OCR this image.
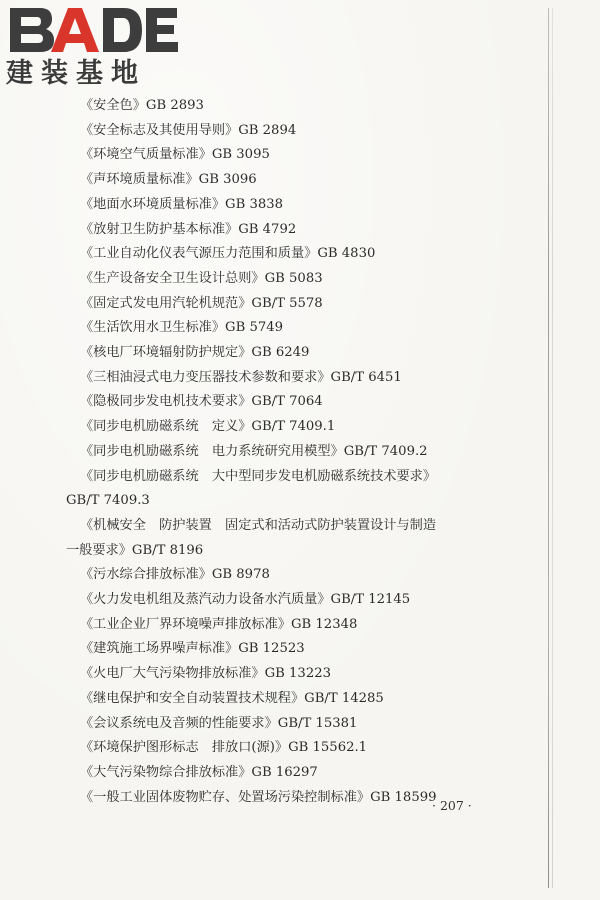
建装基地
《安全色》GB 2893
《安全标志及其使用导则》GB 2894
《环境空气质量标准》GB 3095
《声环境质量标准》GB 3096
《地面水环境质量标准》GB 3838
《放射卫生防护基本标准》GB 4792
《工业自动化仪表气源压力范围和质量》GB 4830
《生产设备安全卫生设计总则》GB 5083
《固定式发电用汽轮机规范》GB/T 5578
《生活饮用水卫生标准》GB 5749
《核电厂环境辐射防护规定》GB 6249
《三相油浸式电力变压器技术参数和要求》GB/T 6451
《隐极同步发电机技术要求》GB/T 7064
《同步电机励磁系统　定义》GB/T 7409.1
《同步电机励磁系统　电力系统研究用模型》GB/T 7409.2
《同步电机励磁系统　大中型同步发电机励磁系统技术要求》
GB/T 7409.3
《机械安全　防护装置　固定式和活动式防护装置设计与制造
一般要求》GB/T 8196
《污水综合排放标准》GB 8978
《火力发电机组及蒸汽动力设备水汽质量》GB/T 12145
《工业企业厂界环境噪声排放标准》GB 12348
《建筑施工场界噪声标准》GB 12523
《火电厂大气污染物排放标准》GB 13223
《继电保护和安全自动装置技术规程》GB/T 14285
《会议系统电及音频的性能要求》GB/T 15381
《环境保护图形标志　排放口(源)》GB 15562.1
《大气污染物综合排放标准》GB 16297
《一般工业固体废物贮存、处置场污染控制标准》GB 18599
· 207 ·
